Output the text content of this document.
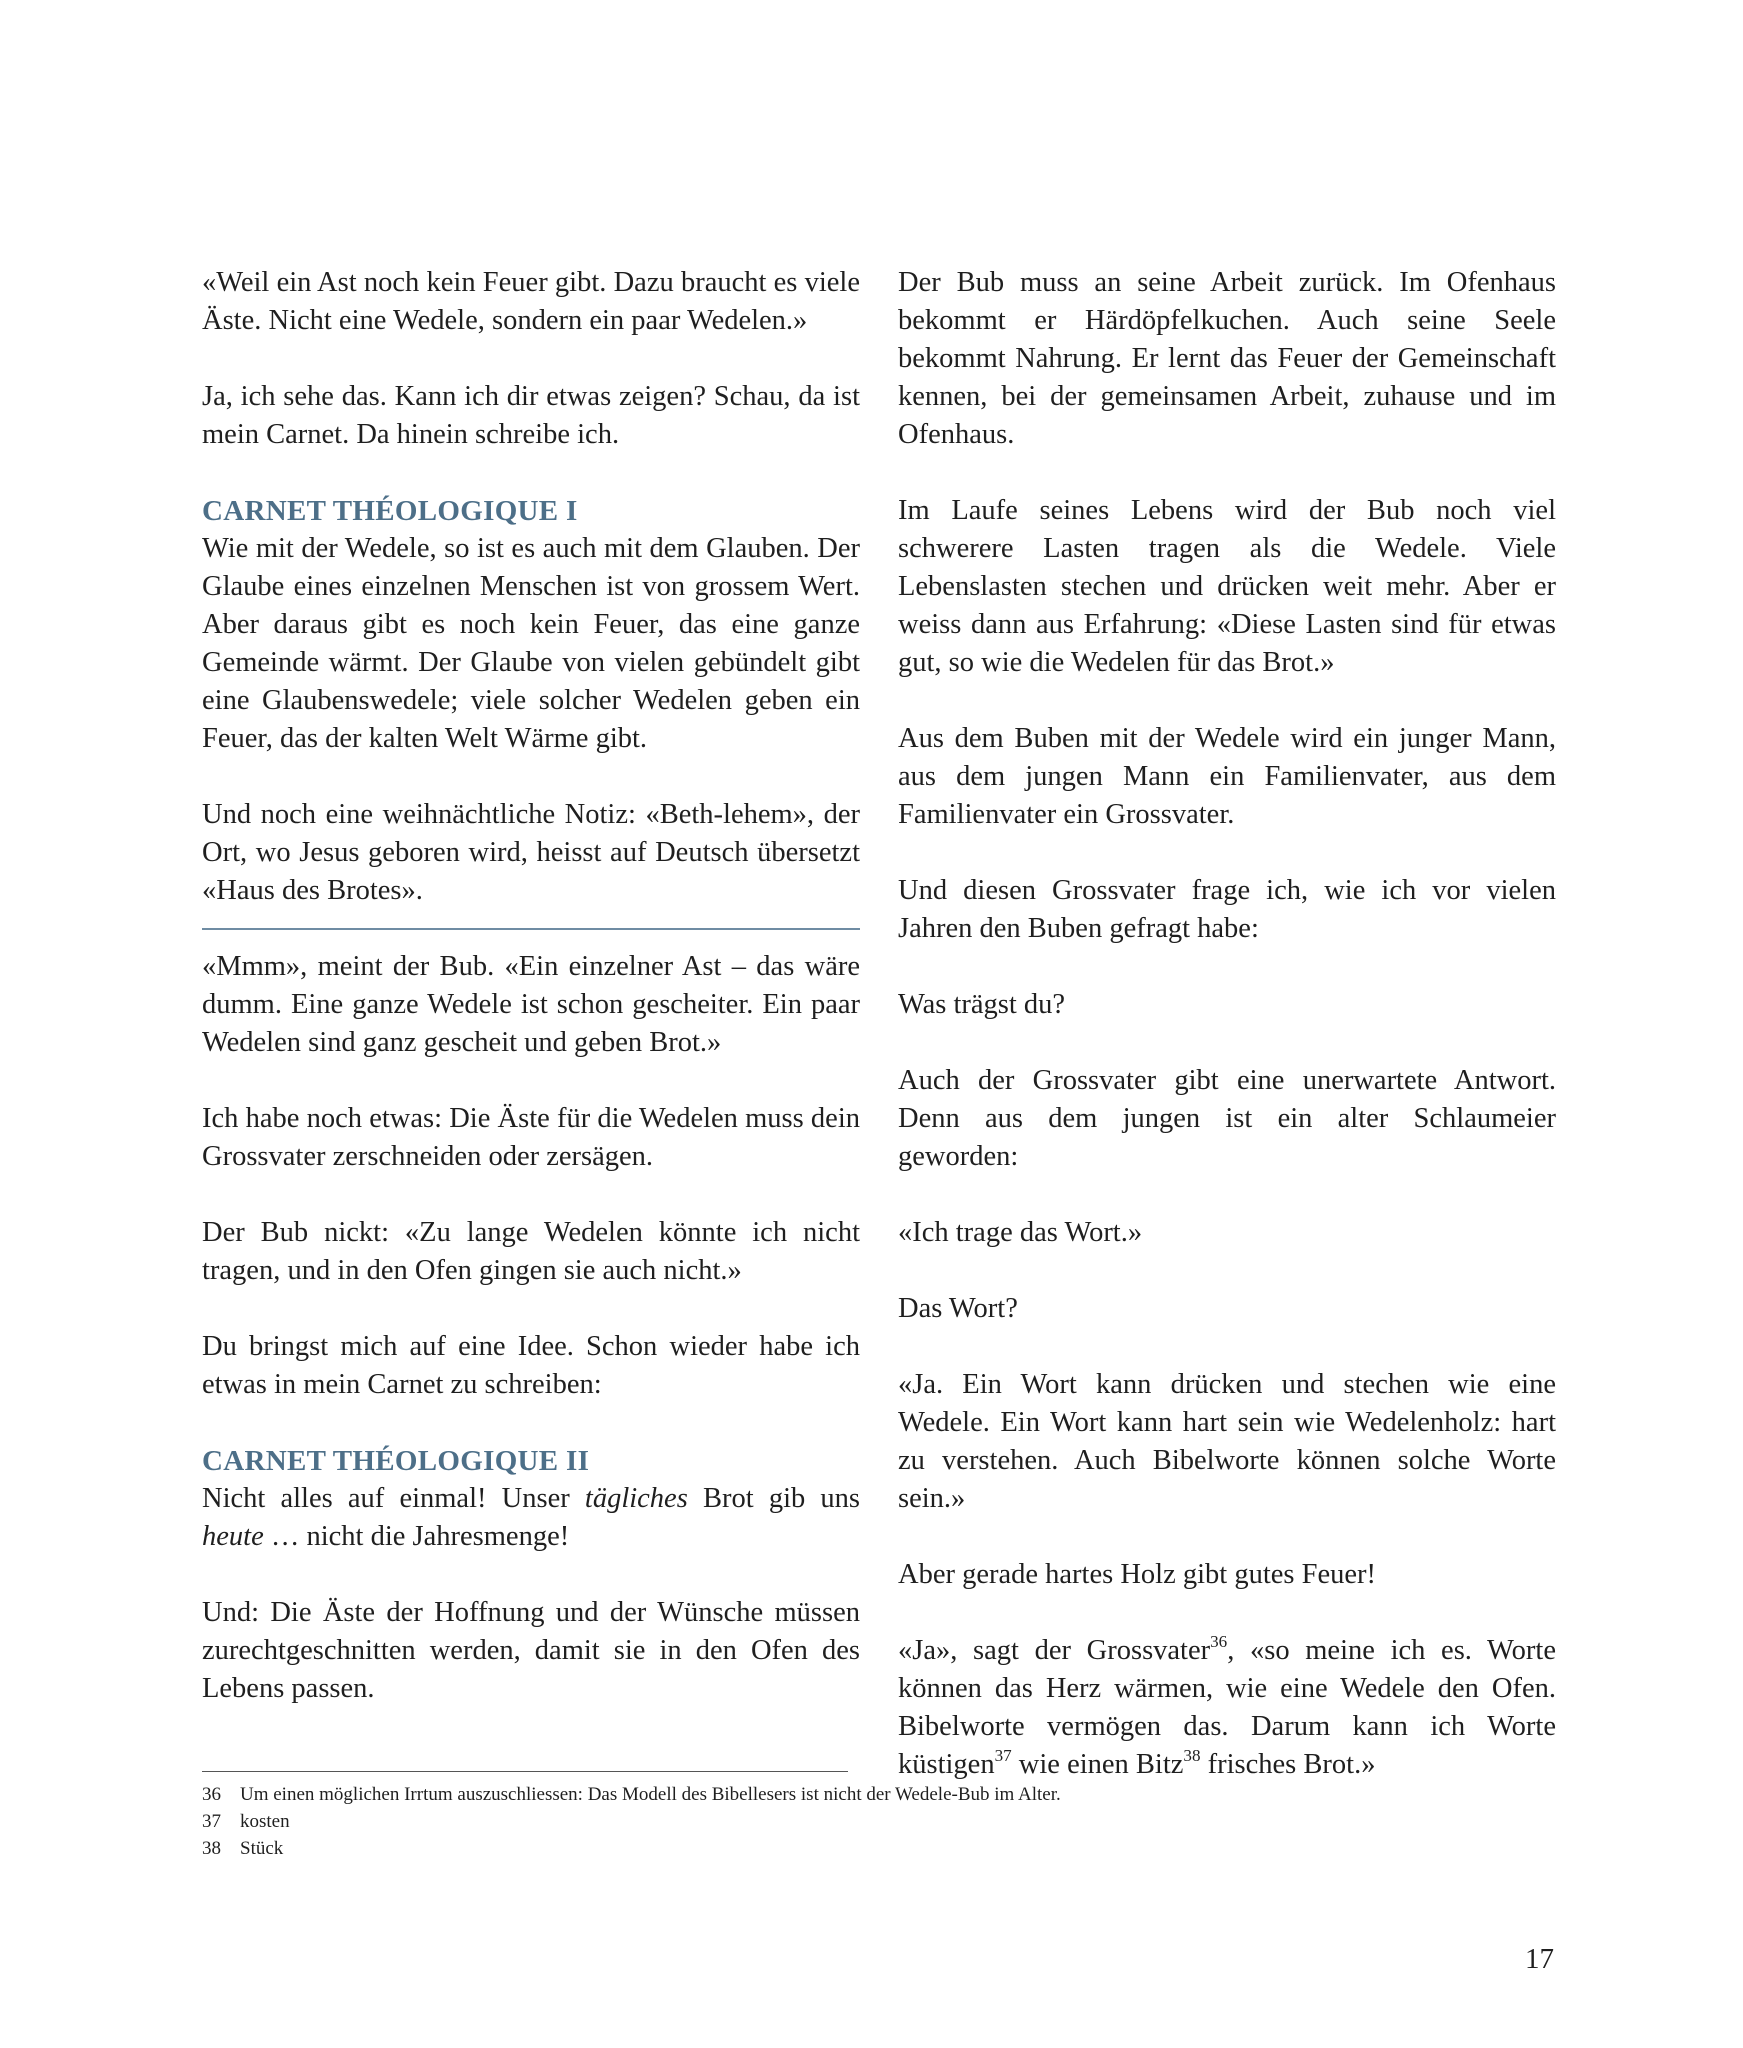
«Weil ein Ast noch kein Feuer gibt. Dazu braucht es viele Äste. Nicht eine Wedele, sondern ein paar Wedelen.»

Ja, ich sehe das. Kann ich dir etwas zeigen? Schau, da ist mein Carnet. Da hinein schreibe ich.

CARNET THÉOLOGIQUE I

Wie mit der Wedele, so ist es auch mit dem Glauben. Der Glaube eines einzelnen Menschen ist von grossem Wert. Aber daraus gibt es noch kein Feuer, das eine ganze Gemeinde wärmt. Der Glaube von vielen gebündelt gibt eine Glaubenswedele; viele solcher Wedelen geben ein Feuer, das der kalten Welt Wärme gibt.

Und noch eine weihnächtliche Notiz: «Beth-lehem», der Ort, wo Jesus geboren wird, heisst auf Deutsch übersetzt «Haus des Brotes».

«Mmm», meint der Bub. «Ein einzelner Ast – das wäre dumm. Eine ganze Wedele ist schon gescheiter. Ein paar Wedelen sind ganz gescheit und geben Brot.»

Ich habe noch etwas: Die Äste für die Wedelen muss dein Grossvater zerschneiden oder zersägen.

Der Bub nickt: «Zu lange Wedelen könnte ich nicht tragen, und in den Ofen gingen sie auch nicht.»

Du bringst mich auf eine Idee. Schon wieder habe ich etwas in mein Carnet zu schreiben:

CARNET THÉOLOGIQUE II

Nicht alles auf einmal! Unser tägliches Brot gib uns heute … nicht die Jahresmenge!

Und: Die Äste der Hoffnung und der Wünsche müssen zurechtgeschnitten werden, damit sie in den Ofen des Lebens passen.

Der Bub muss an seine Arbeit zurück. Im Ofenhaus bekommt er Härdöpfelkuchen. Auch seine Seele bekommt Nahrung. Er lernt das Feuer der Gemeinschaft kennen, bei der gemeinsamen Arbeit, zuhause und im Ofenhaus.

Im Laufe seines Lebens wird der Bub noch viel schwerere Lasten tragen als die Wedele. Viele Lebenslasten stechen und drücken weit mehr. Aber er weiss dann aus Erfahrung: «Diese Lasten sind für etwas gut, so wie die Wedelen für das Brot.»

Aus dem Buben mit der Wedele wird ein junger Mann, aus dem jungen Mann ein Familienvater, aus dem Familienvater ein Grossvater.

Und diesen Grossvater frage ich, wie ich vor vielen Jahren den Buben gefragt habe:

Was trägst du?

Auch der Grossvater gibt eine unerwartete Antwort. Denn aus dem jungen ist ein alter Schlaumeier geworden:

«Ich trage das Wort.»

Das Wort?

«Ja. Ein Wort kann drücken und stechen wie eine Wedele. Ein Wort kann hart sein wie Wedelenholz: hart zu verstehen. Auch Bibelworte können solche Worte sein.»

Aber gerade hartes Holz gibt gutes Feuer!

«Ja», sagt der Grossvater$^{36}$, «so meine ich es. Worte können das Herz wärmen, wie eine Wedele den Ofen. Bibelworte vermögen das. Darum kann ich Worte küstigen$^{37}$ wie einen Bitz$^{38}$ frisches Brot.»

36 Um einen möglichen Irrtum auszuschliessen: Das Modell des Bibellesers ist nicht der Wedele-Bub im Alter.
37 kosten
38 Stück
17
